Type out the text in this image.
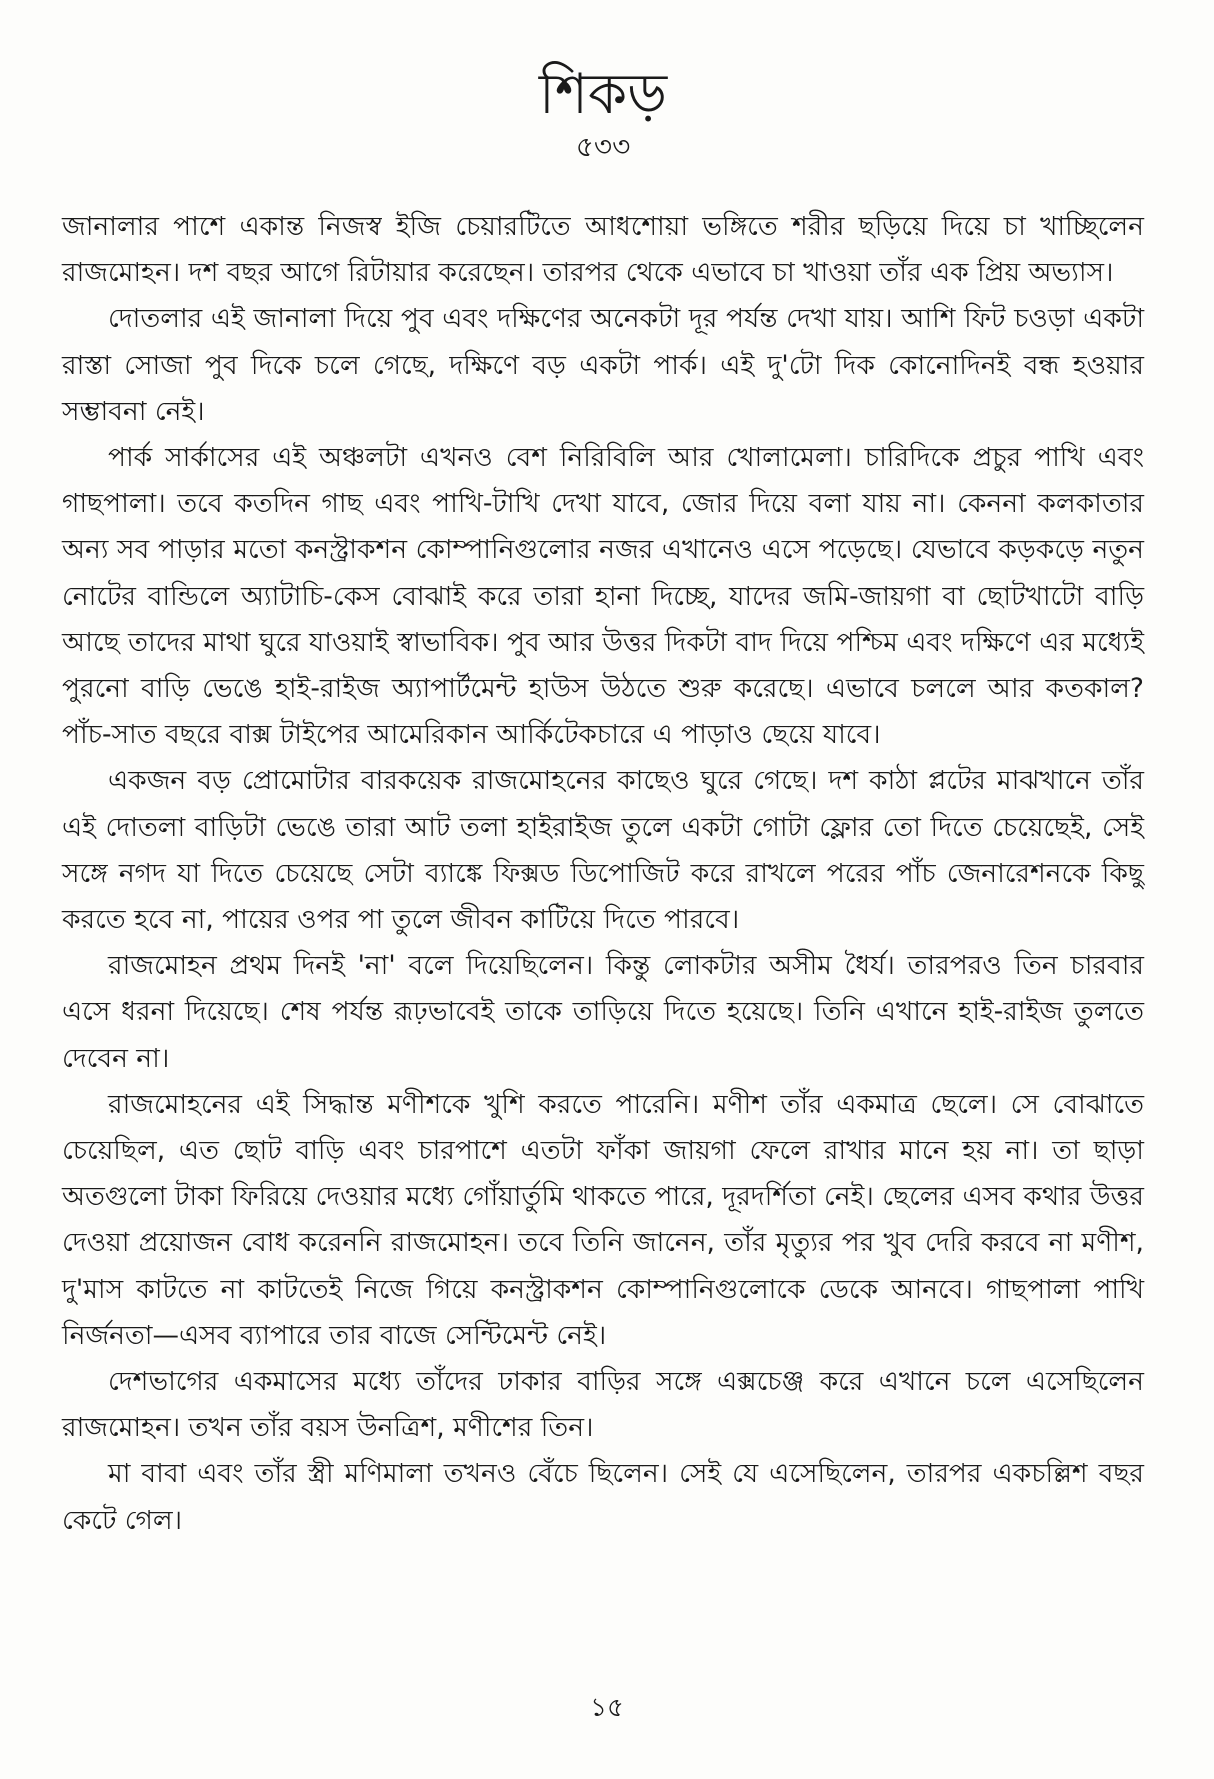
শিকড়
৫৩৩

জানালার পাশে একান্ত নিজস্ব ইজি চেয়ারটিতে আধশোয়া ভঙ্গিতে শরীর ছড়িয়ে দিয়ে চা খাচ্ছিলেন রাজমোহন। দশ বছর আগে রিটায়ার করেছেন। তারপর থেকে এভাবে চা খাওয়া তাঁর এক প্রিয় অভ্যাস।

দোতলার এই জানালা দিয়ে পুব এবং দক্ষিণের অনেকটা দূর পর্যন্ত দেখা যায়। আশি ফিট চওড়া একটা রাস্তা সোজা পুব দিকে চলে গেছে, দক্ষিণে বড় একটা পার্ক। এই দু'টো দিক কোনোদিনই বন্ধ হওয়ার সম্ভাবনা নেই।

পার্ক সার্কাসের এই অঞ্চলটা এখনও বেশ নিরিবিলি আর খোলামেলা। চারিদিকে প্রচুর পাখি এবং গাছপালা। তবে কতদিন গাছ এবং পাখি-টাখি দেখা যাবে, জোর দিয়ে বলা যায় না। কেননা কলকাতার অন্য সব পাড়ার মতো কনস্ট্রাকশন কোম্পানিগুলোর নজর এখানেও এসে পড়েছে। যেভাবে কড়কড়ে নতুন নোটের বান্ডিলে অ্যাটাচি-কেস বোঝাই করে তারা হানা দিচ্ছে, যাদের জমি-জায়গা বা ছোটখাটো বাড়ি আছে তাদের মাথা ঘুরে যাওয়াই স্বাভাবিক। পুব আর উত্তর দিকটা বাদ দিয়ে পশ্চিম এবং দক্ষিণে এর মধ্যেই পুরনো বাড়ি ভেঙে হাই-রাইজ অ্যাপার্টমেন্ট হাউস উঠতে শুরু করেছে। এভাবে চললে আর কতকাল? পাঁচ-সাত বছরে বাক্স টাইপের আমেরিকান আর্কিটেকচারে এ পাড়াও ছেয়ে যাবে।

একজন বড় প্রোমোটার বারকয়েক রাজমোহনের কাছেও ঘুরে গেছে। দশ কাঠা প্লটের মাঝখানে তাঁর এই দোতলা বাড়িটা ভেঙে তারা আট তলা হাইরাইজ তুলে একটা গোটা ফ্লোর তো দিতে চেয়েছেই, সেই সঙ্গে নগদ যা দিতে চেয়েছে সেটা ব্যাঙ্কে ফিক্সড ডিপোজিট করে রাখলে পরের পাঁচ জেনারেশনকে কিছু করতে হবে না, পায়ের ওপর পা তুলে জীবন কাটিয়ে দিতে পারবে।

রাজমোহন প্রথম দিনই 'না' বলে দিয়েছিলেন। কিন্তু লোকটার অসীম ধৈর্য। তারপরও তিন চারবার এসে ধরনা দিয়েছে। শেষ পর্যন্ত রূঢ়ভাবেই তাকে তাড়িয়ে দিতে হয়েছে। তিনি এখানে হাই-রাইজ তুলতে দেবেন না।

রাজমোহনের এই সিদ্ধান্ত মণীশকে খুশি করতে পারেনি। মণীশ তাঁর একমাত্র ছেলে। সে বোঝাতে চেয়েছিল, এত ছোট বাড়ি এবং চারপাশে এতটা ফাঁকা জায়গা ফেলে রাখার মানে হয় না। তা ছাড়া অতগুলো টাকা ফিরিয়ে দেওয়ার মধ্যে গোঁয়ার্তুমি থাকতে পারে, দূরদর্শিতা নেই। ছেলের এসব কথার উত্তর দেওয়া প্রয়োজন বোধ করেননি রাজমোহন। তবে তিনি জানেন, তাঁর মৃত্যুর পর খুব দেরি করবে না মণীশ, দু'মাস কাটতে না কাটতেই নিজে গিয়ে কনস্ট্রাকশন কোম্পানিগুলোকে ডেকে আনবে। গাছপালা পাখি নির্জনতা—এসব ব্যাপারে তার বাজে সেন্টিমেন্ট নেই।

দেশভাগের একমাসের মধ্যে তাঁদের ঢাকার বাড়ির সঙ্গে এক্সচেঞ্জ করে এখানে চলে এসেছিলেন রাজমোহন। তখন তাঁর বয়স উনত্রিশ, মণীশের তিন।

মা বাবা এবং তাঁর স্ত্রী মণিমালা তখনও বেঁচে ছিলেন। সেই যে এসেছিলেন, তারপর একচল্লিশ বছর কেটে গেল।

১৫
